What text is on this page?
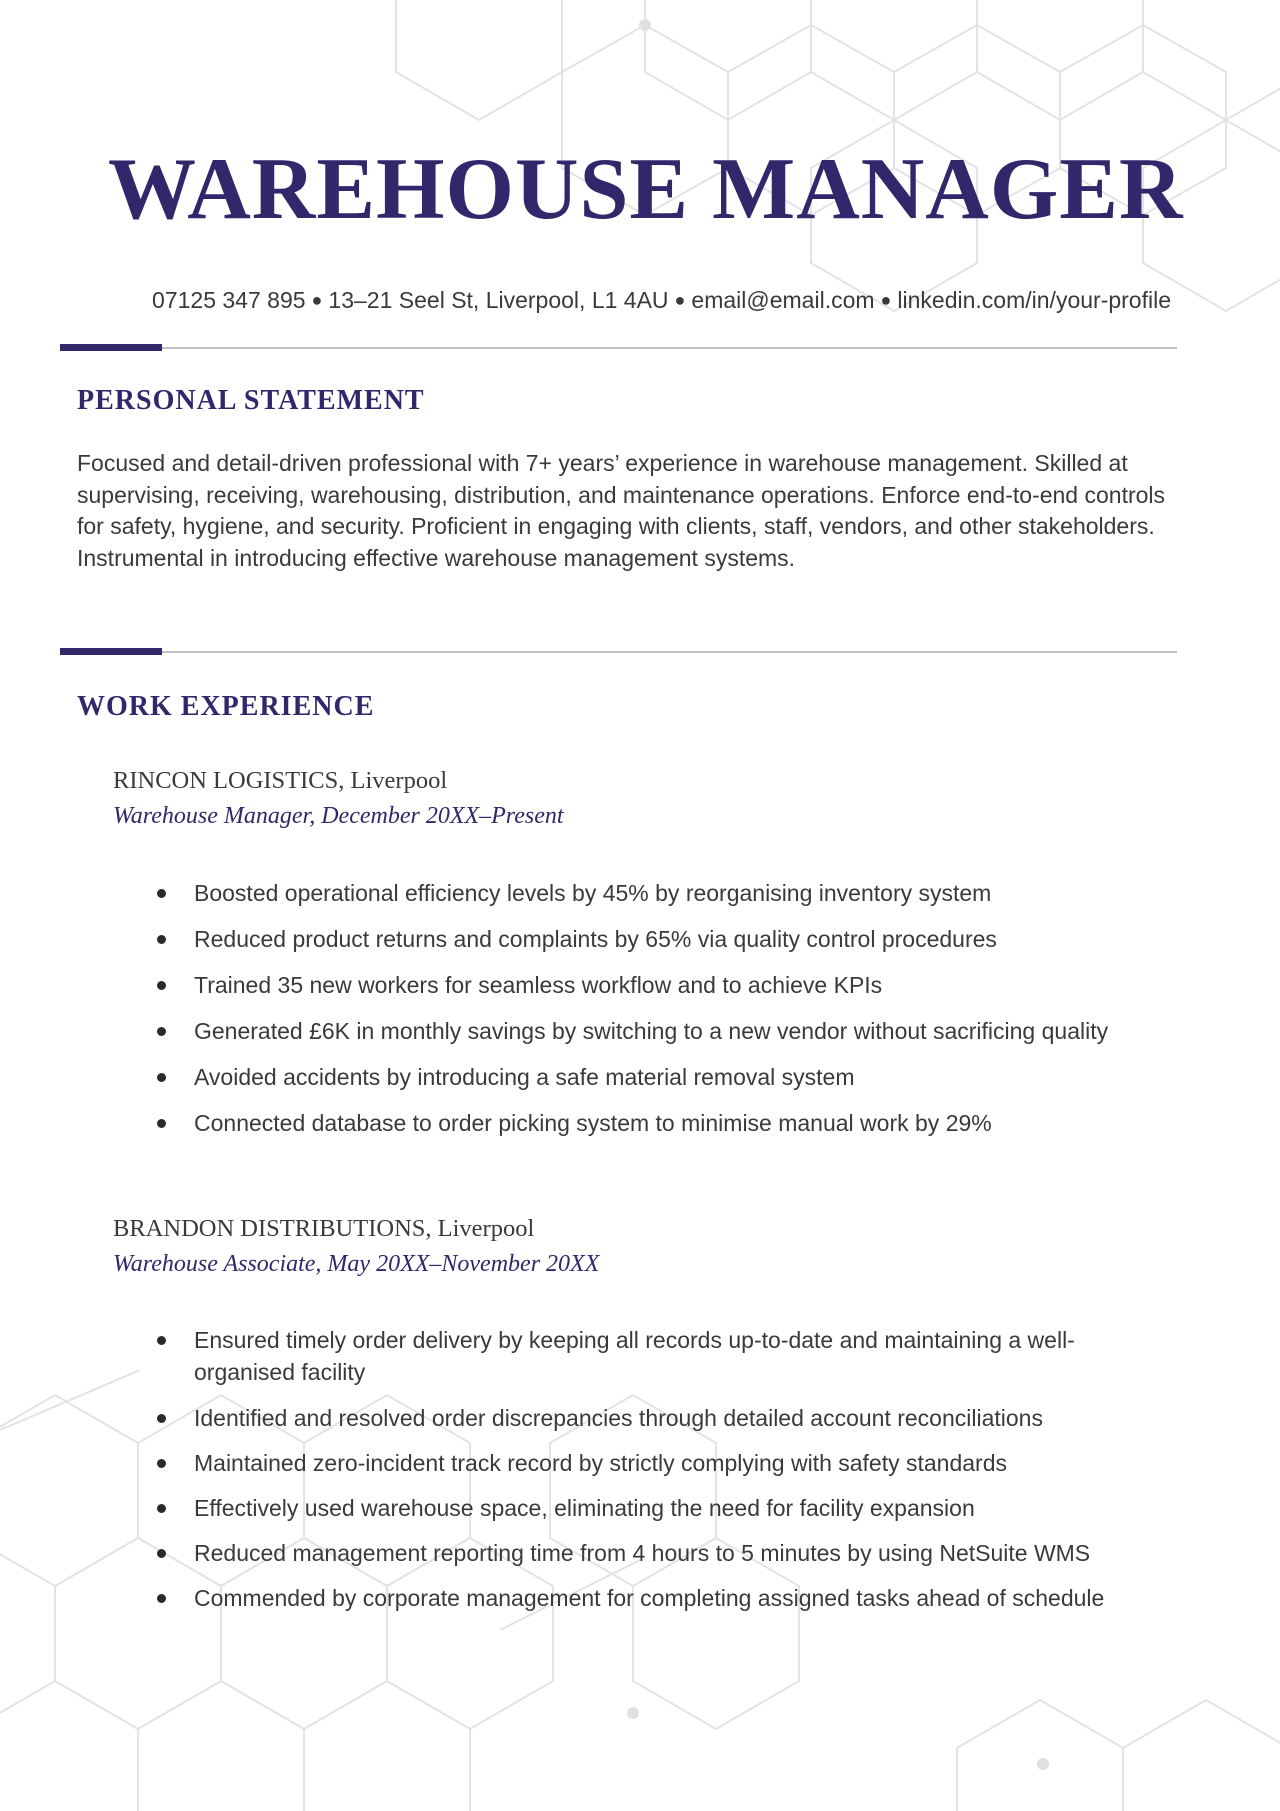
WAREHOUSE MANAGER
07125 347 895 ● 13–21 Seel St, Liverpool, L1 4AU ● email@email.com ● linkedin.com/in/your-profile
PERSONAL STATEMENT

Focused and detail-driven professional with 7+ years’ experience in warehouse management. Skilled at supervising, receiving, warehousing, distribution, and maintenance operations. Enforce end-to-end controls for safety, hygiene, and security. Proficient in engaging with clients, staff, vendors, and other stakeholders. Instrumental in introducing effective warehouse management systems.

WORK EXPERIENCE

RINCON LOGISTICS, Liverpool

Warehouse Manager, December 20XX–Present

Boosted operational efficiency levels by 45% by reorganising inventory system
Reduced product returns and complaints by 65% via quality control procedures
Trained 35 new workers for seamless workflow and to achieve KPIs
Generated £6K in monthly savings by switching to a new vendor without sacrificing quality
Avoided accidents by introducing a safe material removal system
Connected database to order picking system to minimise manual work by 29%

BRANDON DISTRIBUTIONS, Liverpool

Warehouse Associate, May 20XX–November 20XX

Ensured timely order delivery by keeping all records up-to-date and maintaining a well-organised facility
Identified and resolved order discrepancies through detailed account reconciliations
Maintained zero-incident track record by strictly complying with safety standards
Effectively used warehouse space, eliminating the need for facility expansion
Reduced management reporting time from 4 hours to 5 minutes by using NetSuite WMS
Commended by corporate management for completing assigned tasks ahead of schedule
